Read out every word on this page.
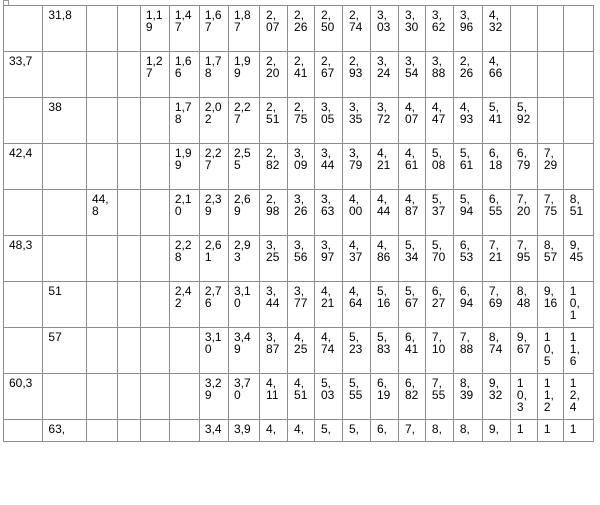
	31,8			1,19	1,47	1,67	1,87	2,07	2,26	2,50	2,74	3,03	3,30	3,62	3,96	4,32			

33,7				1,27	1,66	1,78	1,99	2,20	2,41	2,67	2,93	3,24	3,54	3,88	2,26	4,66			

	38				1,78	2,02	2,27	2,51	2,75	3,05	3,35	3,72	4,07	4,47	4,93	5,41	5,92		

42,4					1,99	2,27	2,55	2,82	3,09	3,44	3,79	4,21	4,61	5,08	5,61	6,18	6,79	7,29	

		44,8			2,10	2,39	2,69	2,98	3,26	3,63	4,00	4,44	4,87	5,37	5,94	6,55	7,20	7,75	8,51

48,3					2,28	2,61	2,93	3,25	3,56	3,97	4,37	4,86	5,34	5,70	6,53	7,21	7,95	8,57	9,45

	51				2,42	2,76	3,10	3,44	3,77	4,21	4,64	5,16	5,67	6,27	6,94	7,69	8,48	9,16	10,1

	57					3,10	3,49	3,87	4,25	4,74	5,23	5,83	6,41	7,10	7,88	8,74	9,67	10,5	11,6

60,3						3,29	3,70	4,11	4,51	5,03	5,55	6,19	6,82	7,55	8,39	9,32	10,3	11,2	12,4

	63,					3,4	3,9	4,	4,	5,	5,	6,	7,	8,	8,	9,	1	1	1
